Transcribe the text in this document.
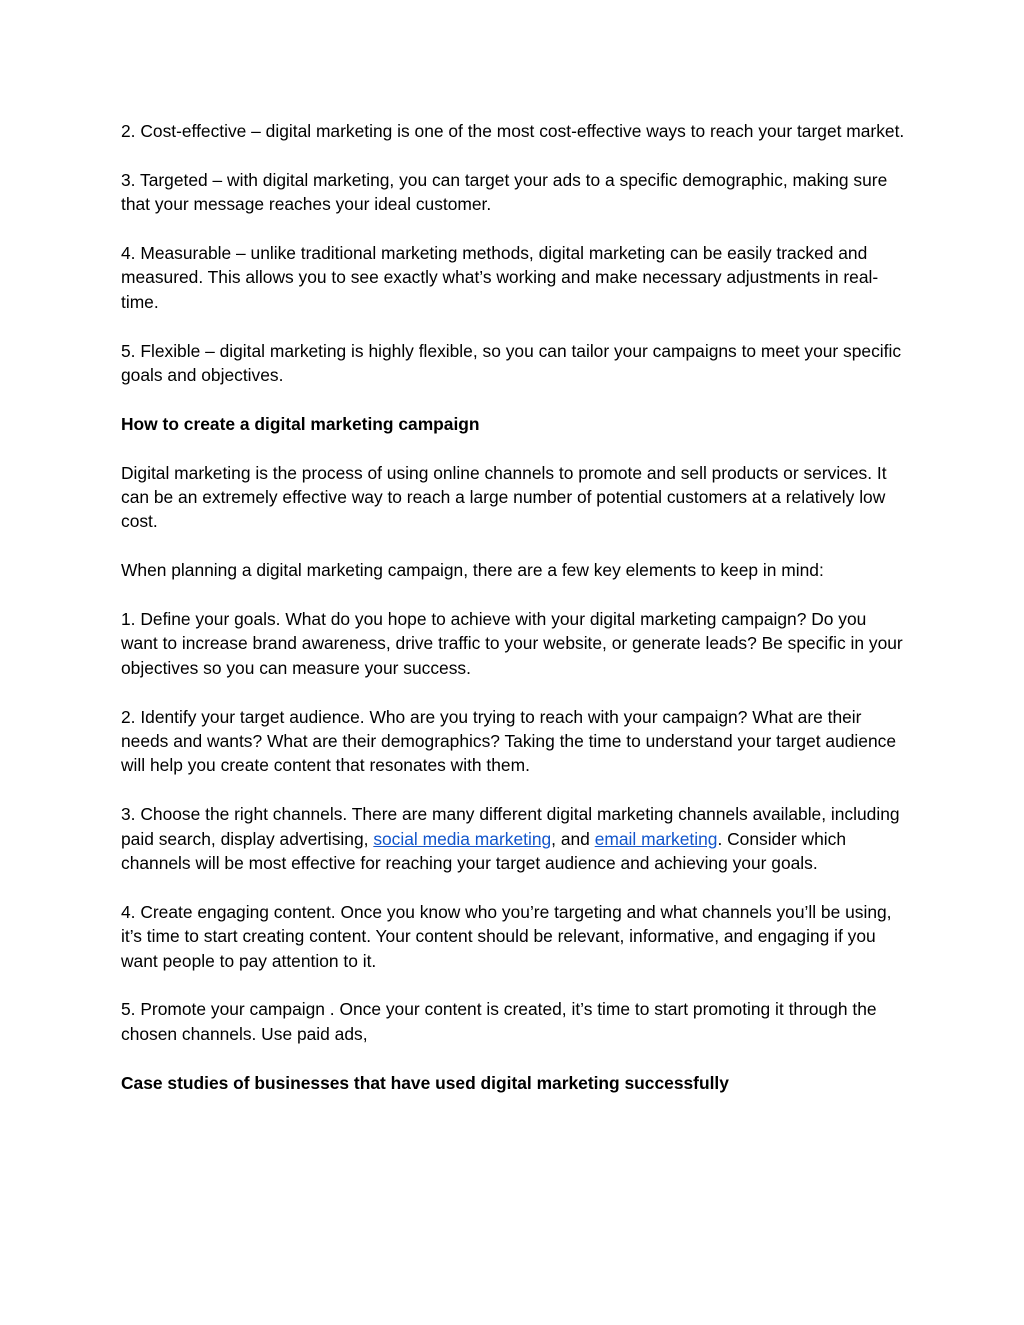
2. Cost-effective – digital marketing is one of the most cost-effective ways to reach your target market.

3. Targeted – with digital marketing, you can target your ads to a specific demographic, making sure that your message reaches your ideal customer.

4. Measurable – unlike traditional marketing methods, digital marketing can be easily tracked and measured. This allows you to see exactly what’s working and make necessary adjustments in real-time.

5. Flexible – digital marketing is highly flexible, so you can tailor your campaigns to meet your specific goals and objectives.

How to create a digital marketing campaign

Digital marketing is the process of using online channels to promote and sell products or services. It can be an extremely effective way to reach a large number of potential customers at a relatively low cost.

When planning a digital marketing campaign, there are a few key elements to keep in mind:

1. Define your goals. What do you hope to achieve with your digital marketing campaign? Do you want to increase brand awareness, drive traffic to your website, or generate leads? Be specific in your objectives so you can measure your success.

2. Identify your target audience. Who are you trying to reach with your campaign? What are their needs and wants? What are their demographics? Taking the time to understand your target audience will help you create content that resonates with them.

3. Choose the right channels. There are many different digital marketing channels available, including paid search, display advertising, social media marketing, and email marketing. Consider which channels will be most effective for reaching your target audience and achieving your goals.

4. Create engaging content. Once you know who you’re targeting and what channels you’ll be using, it’s time to start creating content. Your content should be relevant, informative, and engaging if you want people to pay attention to it.

5. Promote your campaign . Once your content is created, it’s time to start promoting it through the chosen channels. Use paid ads,

Case studies of businesses that have used digital marketing successfully
